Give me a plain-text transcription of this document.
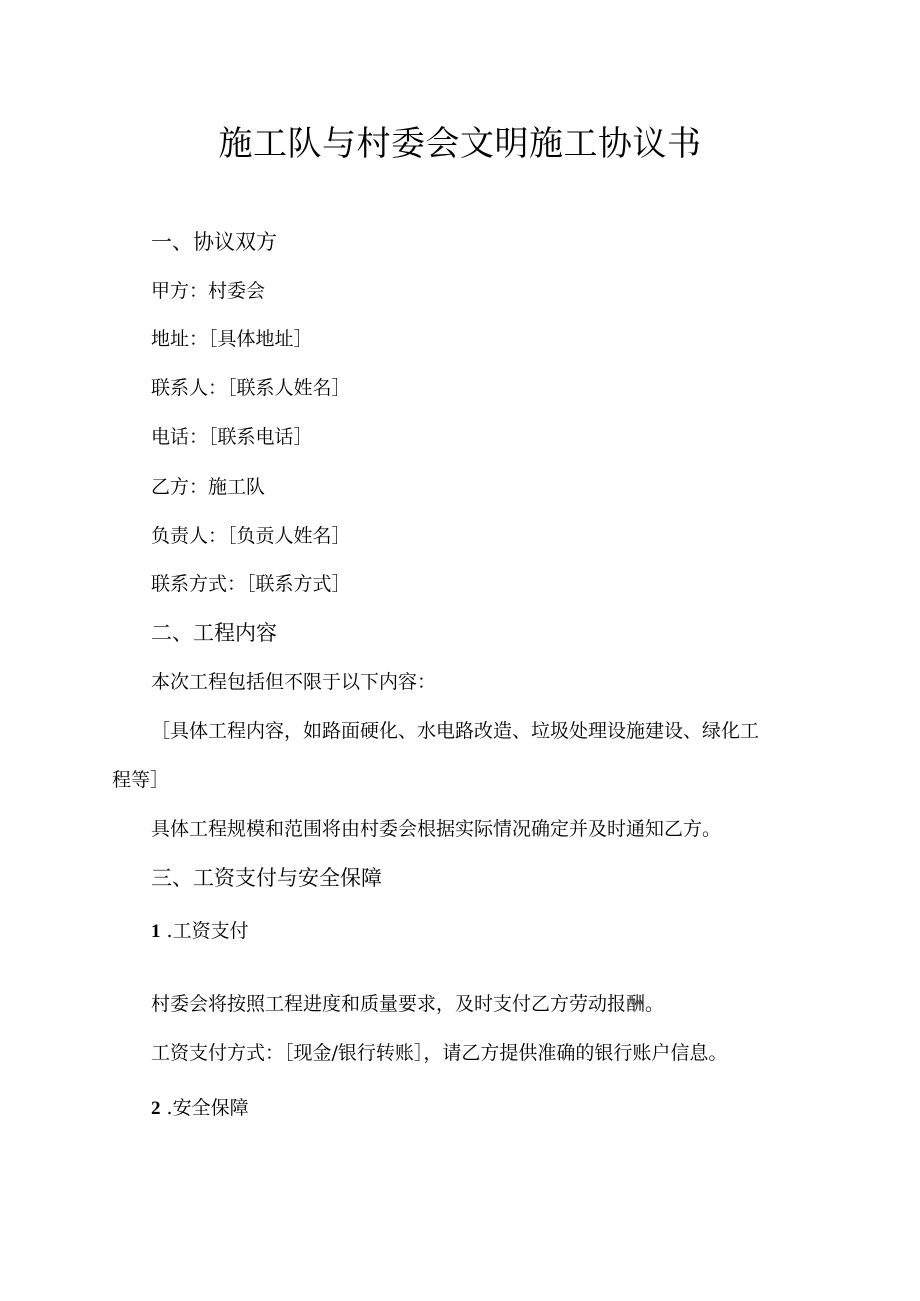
施工队与村委会文明施工协议书
一、协议双方
甲方：村委会
地址：［具体地址］
联系人：［联系人姓名］
电话：［联系电话］
乙方：施工队
负责人：［负贡人姓名］
联系方式：［联系方式］
二、工程内容
本次工程包括但不限于以下内容：
［具体工程内容，如路面硬化、水电路改造、垃圾处理设施建设、绿化工
程等］
具体工程规模和范围将由村委会根据实际情况确定并及时通知乙方。
三、工资支付与安全保障
1 .工资支付
村委会将按照工程进度和质量要求，及时支付乙方劳动报酬。
工资支付方式：［现金/银行转账］，请乙方提供准确的银行账户信息。
2 .安全保障
